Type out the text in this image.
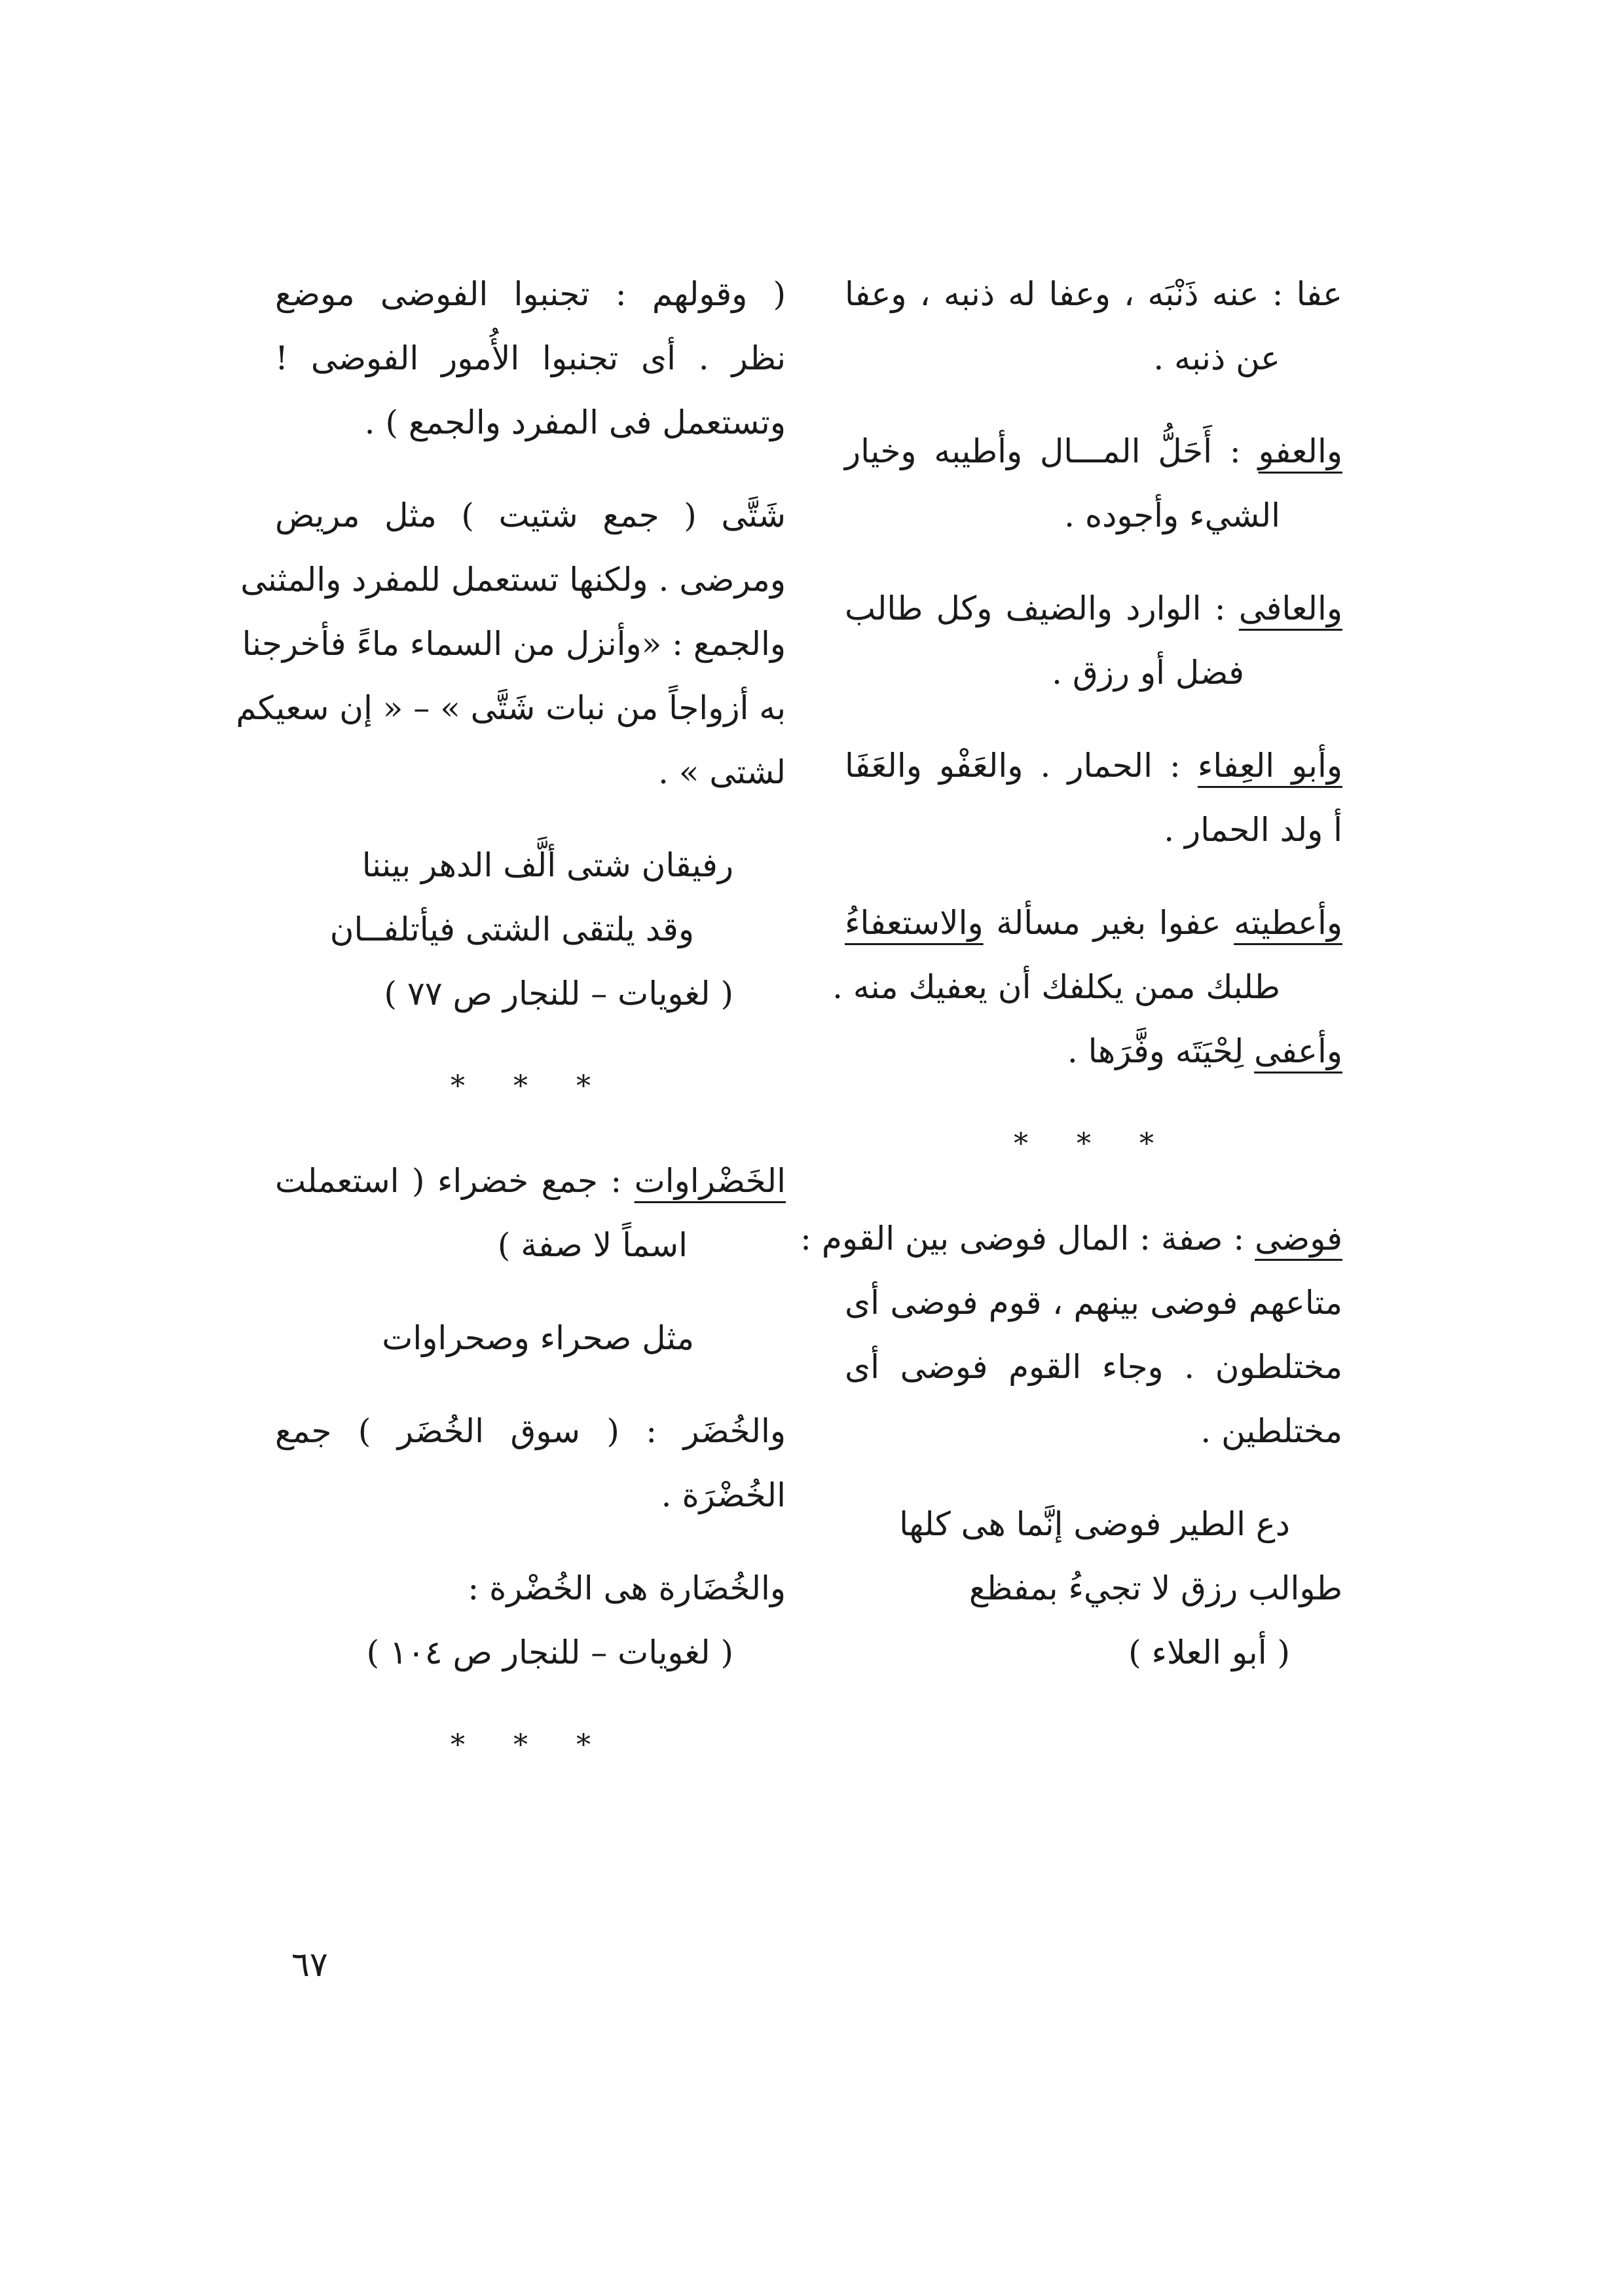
عفا : عنه ذَنْبَه ، وعفا له ذنبه ، وعفا
عن ذنبه .
والعفو : أَحَلُّ المـــال وأطيبه وخيار
الشيء وأجوده .
والعافى : الوارد والضيف وكل طالب
فضل أو رزق .
وأبو العِفاء : الحمار . والعَفْو والعَفَا
أ ولد الحمار .
وأعطيته عفوا بغير مسألة والاستعفاءُ
طلبك ممن يكلفك أن يعفيك منه .
وأعفى لِحْيَتَه وفَّرَها .
* * *
فوضى : صفة : المال فوضى بين القوم :
متاعهم فوضى بينهم ، قوم فوضى أى
مختلطون . وجاء القوم فوضى أى
مختلطين .
دع الطير فوضى إنَّما هى كلها
طوالب رزق لا تجيءُ بمفظع
( أبو العلاء )
( وقولهم : تجنبوا الفوضى موضع
نظر . أى تجنبوا الأُمور الفوضى !
وتستعمل فى المفرد والجمع ) .
شَتَّى ( جمع شتيت ) مثل مريض
ومرضى . ولكنها تستعمل للمفرد والمثنى
والجمع : «وأنزل من السماء ماءً فأخرجنا
به أزواجاً من نبات شَتَّى » – « إن سعيكم
لشتى » .
رفيقان شتى ألَّف الدهر بيننا
وقد يلتقى الشتى فيأتلفــان
( لغويات – للنجار ص ٧٧ )
* * *
الخَضْراوات : جمع خضراء ( استعملت
اسماً لا صفة )
مثل صحراء وصحراوات
والخُضَر : ( سوق الخُضَر ) جمع
الخُضْرَة .
والخُضَارة هى الخُضْرة :
( لغويات – للنجار ص ١٠٤ )
* * *
٦٧
